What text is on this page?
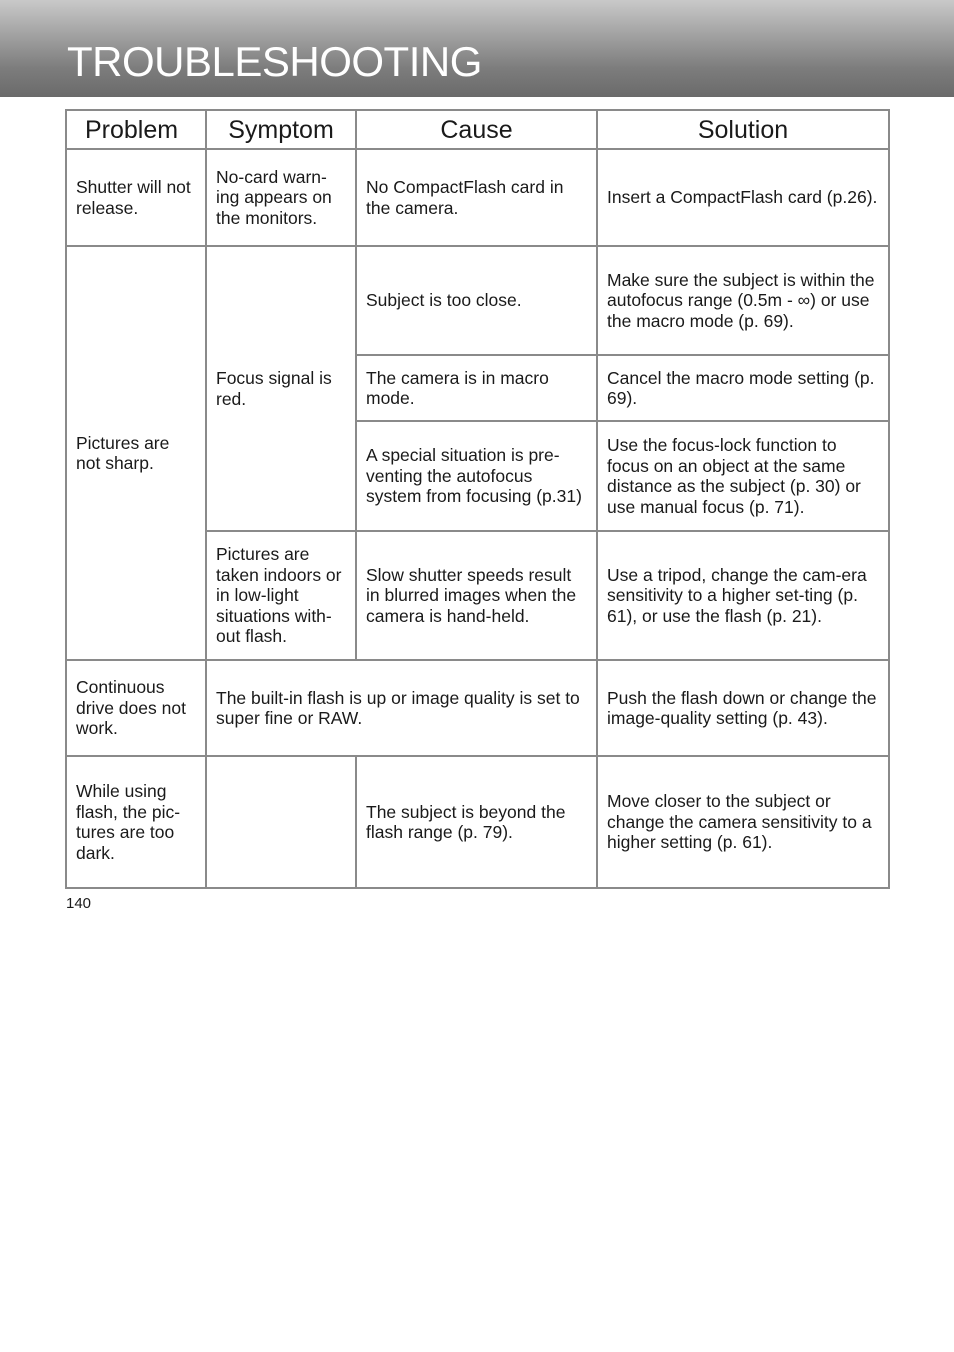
TROUBLESHOOTING
Problem	Symptom	Cause	Solution
Shutter will not release.	No-card warn-ing appears on the monitors.	No CompactFlash card in the camera.	Insert a CompactFlash card (p.26).
Pictures are not sharp.	Focus signal is red.	Subject is too close.	Make sure the subject is within the autofocus range (0.5m - ∞) or use the macro mode (p. 69).
		The camera is in macro mode.	Cancel the macro mode setting (p. 69).
		A special situation is pre-venting the autofocus system from focusing (p.31)	Use the focus-lock function to focus on an object at the same distance as the subject (p. 30) or use manual focus (p. 71).
	Pictures are taken indoors or in low-light situations with-out flash.	Slow shutter speeds result in blurred images when the camera is hand-held.	Use a tripod, change the cam-era sensitivity to a higher set-ting (p. 61), or use the flash (p. 21).
Continuous drive does not work.	The built-in flash is up or image quality is set to super fine or RAW.		Push the flash down or change the image-quality setting (p. 43).
While using flash, the pic-tures are too dark.		The subject is beyond the flash range (p. 79).	Move closer to the subject or change the camera sensitivity to a higher setting (p. 61).
140
